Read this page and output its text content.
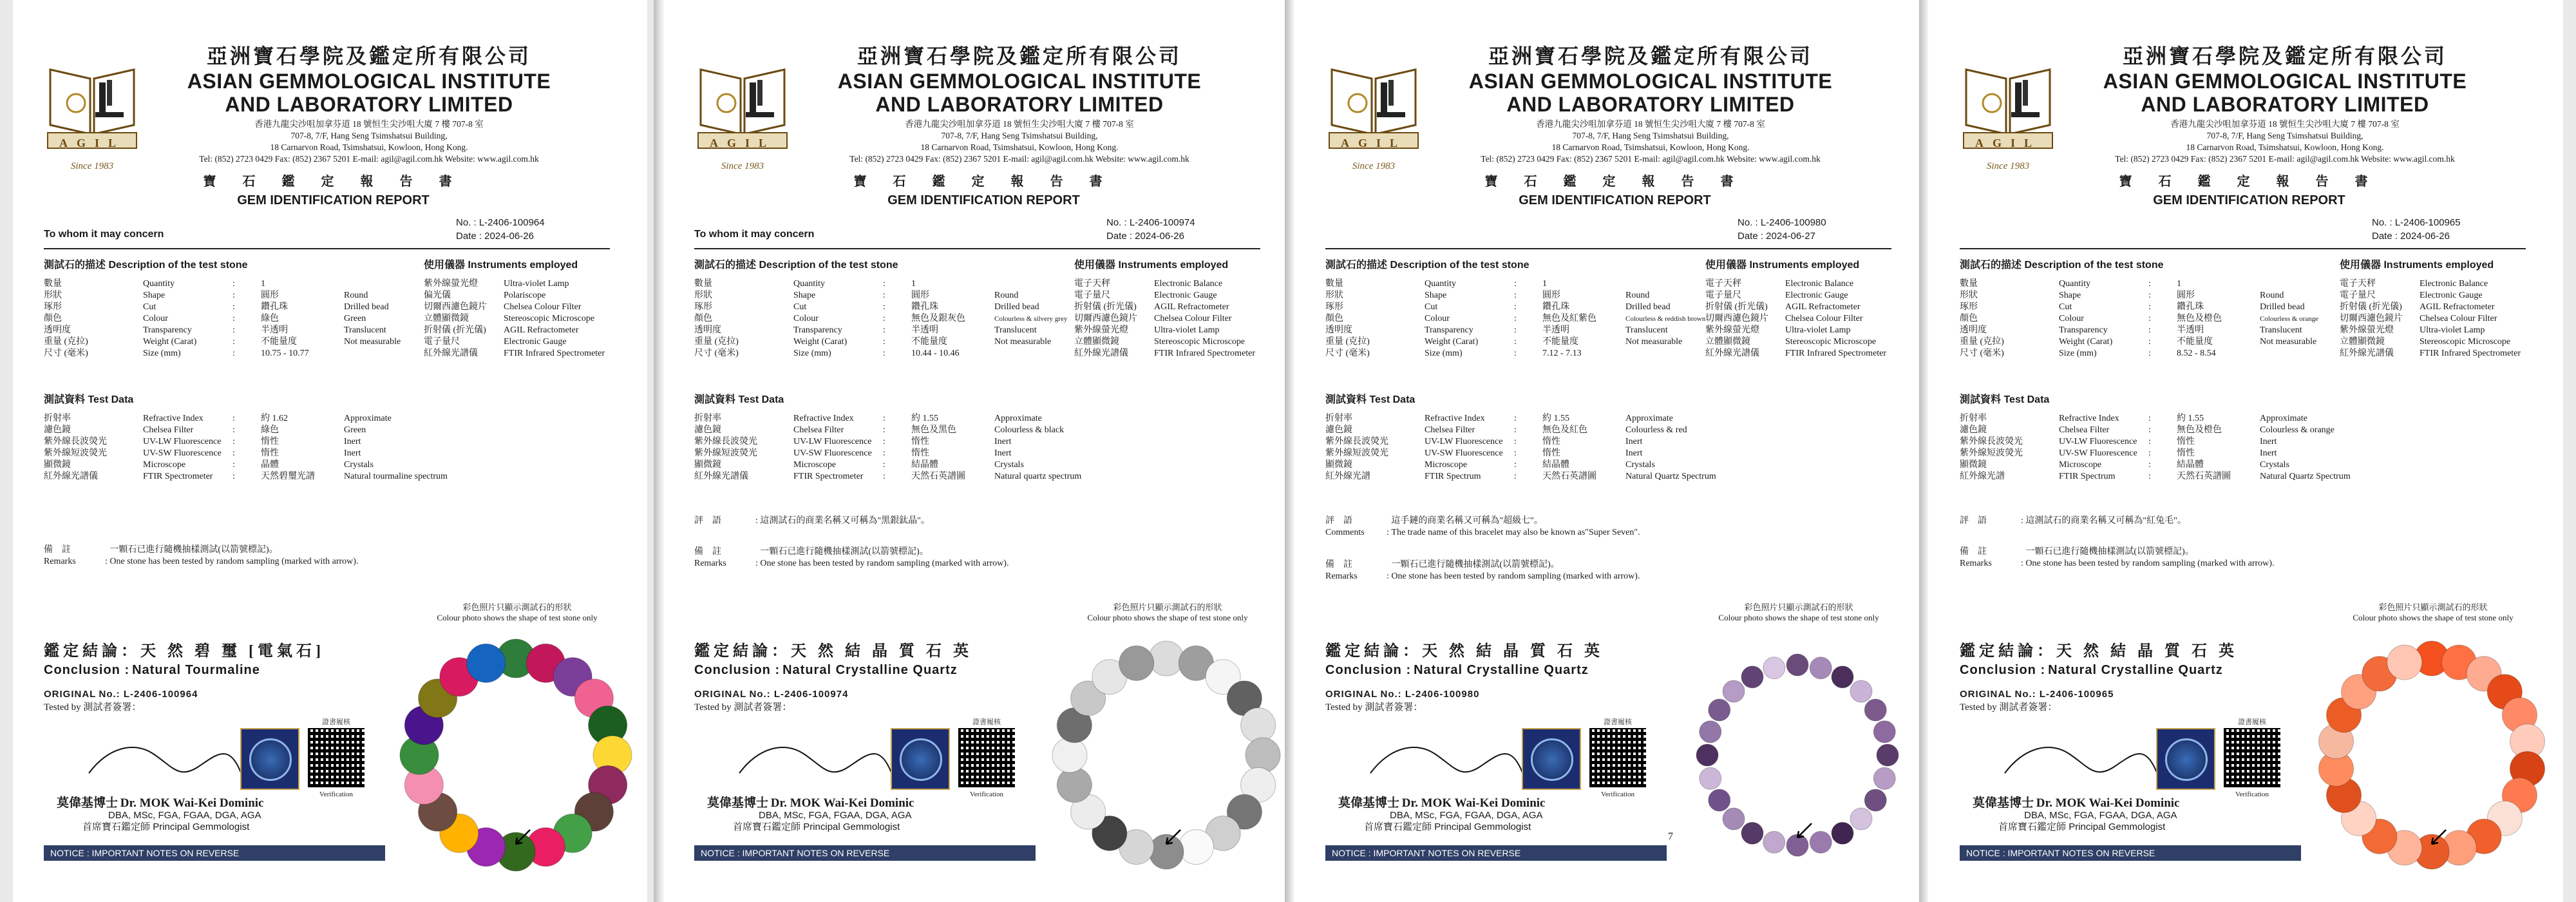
AGIL
Since 1983
亞洲寶石學院及鑑定所有限公司
ASIAN GEMMOLOGICAL INSTITUTE
AND LABORATORY LIMITED
香港九龍尖沙咀加拿芬道 18 號恒生尖沙咀大廈 7 樓 707-8 室
707-8, 7/F, Hang Seng Tsimshatsui Building,
18 Carnarvon Road, Tsimshatsui, Kowloon, Hong Kong.
Tel: (852) 2723 0429 Fax: (852) 2367 5201 E-mail: agil@agil.com.hk Website: www.agil.com.hk
寶 石 鑑 定 報 告 書
GEM IDENTIFICATION REPORT
No. : L-2406-100964
Date : 2024-06-26
To whom it may concern
測試石的描述 Description of the test stone	使用儀器 Instruments employed
數量	Quantity	:	1	
形狀	Shape	:	圓形	Round
琢形	Cut	:	鑽孔珠	Drilled bead
顏色	Colour	:	綠色	Green
透明度	Transparency	:	半透明	Translucent
重量 (克拉)	Weight (Carat)	:	不能量度	Not measurable
尺寸 (毫米)	Size (mm)	:	10.75 - 10.77	
紫外線螢光燈	Ultra-violet Lamp
偏光儀	Polariscope
切爾西濾色鏡片	Chelsea Colour Filter
立體顯微鏡	Stereoscopic Microscope
折射儀 (折光儀)	AGIL Refractometer
電子量尺	Electronic Gauge
紅外線光譜儀	FTIR Infrared Spectrometer
測試資料 Test Data
折射率	Refractive Index	:	約 1.62	Approximate
濾色鏡	Chelsea Filter	:	綠色	Green
紫外線長波熒光	UV-LW Fluorescence	:	惰性	Inert
紫外線短波熒光	UV-SW Fluorescence	:	惰性	Inert
顯微鏡	Microscope	:	晶體	Crystals
紅外線光譜儀	FTIR Spectrometer	:	天然碧璽光譜	Natural tourmaline spectrum
備　註
Remarks	: 一顆石已進行隨機抽樣測試(以箭號標記)。
One stone has been tested by random sampling (marked with arrow).
彩色照片只顯示測試石的形狀
Colour photo shows the shape of test stone only
鑑定結論：天 然 碧 璽 [電氣石]
Conclusion : Natural Tourmaline
ORIGINAL No.: L-2406-100964
Tested by 測試者簽署：
證書履核
Verification
莫偉基博士 Dr. MOK Wai-Kei Dominic
DBA, MSc, FGA, FGAA, DGA, AGA
首席寶石鑑定師 Principal Gemmologist
NOTICE : IMPORTANT NOTES ON REVERSE
AGIL
Since 1983
亞洲寶石學院及鑑定所有限公司
ASIAN GEMMOLOGICAL INSTITUTE
AND LABORATORY LIMITED
香港九龍尖沙咀加拿芬道 18 號恒生尖沙咀大廈 7 樓 707-8 室
707-8, 7/F, Hang Seng Tsimshatsui Building,
18 Carnarvon Road, Tsimshatsui, Kowloon, Hong Kong.
Tel: (852) 2723 0429 Fax: (852) 2367 5201 E-mail: agil@agil.com.hk Website: www.agil.com.hk
寶 石 鑑 定 報 告 書
GEM IDENTIFICATION REPORT
No. : L-2406-100974
Date : 2024-06-26
To whom it may concern
測試石的描述 Description of the test stone	使用儀器 Instruments employed
數量	Quantity	:	1	
形狀	Shape	:	圓形	Round
琢形	Cut	:	鑽孔珠	Drilled bead
顏色	Colour	:	無色及銀灰色	Colourless & silvery grey
透明度	Transparency	:	半透明	Translucent
重量 (克拉)	Weight (Carat)	:	不能量度	Not measurable
尺寸 (毫米)	Size (mm)	:	10.44 - 10.46	
電子天秤	Electronic Balance
電子量尺	Electronic Gauge
折射儀 (折光儀)	AGIL Refractometer
切爾西濾色鏡片	Chelsea Colour Filter
紫外線螢光燈	Ultra-violet Lamp
立體顯微鏡	Stereoscopic Microscope
紅外線光譜儀	FTIR Infrared Spectrometer
測試資料 Test Data
折射率	Refractive Index	:	約 1.55	Approximate
濾色鏡	Chelsea Filter	:	無色及黑色	Colourless & black
紫外線長波熒光	UV-LW Fluorescence	:	惰性	Inert
紫外線短波熒光	UV-SW Fluorescence	:	惰性	Inert
顯微鏡	Microscope	:	結晶體	Crystals
紅外線光譜儀	FTIR Spectrometer	:	天然石英譜圖	Natural quartz spectrum
評　語	: 這測試石的商業名稱又可稱為"黑銀鈦晶"。
備　註
Remarks	: 一顆石已進行隨機抽樣測試(以箭號標記)。
One stone has been tested by random sampling (marked with arrow).
彩色照片只顯示測試石的形狀
Colour photo shows the shape of test stone only
鑑定結論：天 然 結 晶 質 石 英
Conclusion : Natural Crystalline Quartz
ORIGINAL No.: L-2406-100974
Tested by 測試者簽署：
證書履核
Verification
莫偉基博士 Dr. MOK Wai-Kei Dominic
DBA, MSc, FGA, FGAA, DGA, AGA
首席寶石鑑定師 Principal Gemmologist
NOTICE : IMPORTANT NOTES ON REVERSE
AGIL
Since 1983
亞洲寶石學院及鑑定所有限公司
ASIAN GEMMOLOGICAL INSTITUTE
AND LABORATORY LIMITED
香港九龍尖沙咀加拿芬道 18 號恒生尖沙咀大廈 7 樓 707-8 室
707-8, 7/F, Hang Seng Tsimshatsui Building,
18 Carnarvon Road, Tsimshatsui, Kowloon, Hong Kong.
Tel: (852) 2723 0429 Fax: (852) 2367 5201 E-mail: agil@agil.com.hk Website: www.agil.com.hk
寶 石 鑑 定 報 告 書
GEM IDENTIFICATION REPORT
No. : L-2406-100980
Date : 2024-06-27
測試石的描述 Description of the test stone	使用儀器 Instruments employed
數量	Quantity	:	1	
形狀	Shape	:	圓形	Round
琢形	Cut	:	鑽孔珠	Drilled bead
顏色	Colour	:	無色及紅紫色	Colourless & reddish brown
透明度	Transparency	:	半透明	Translucent
重量 (克拉)	Weight (Carat)	:	不能量度	Not measurable
尺寸 (毫米)	Size (mm)	:	7.12 - 7.13	
電子天秤	Electronic Balance
電子量尺	Electronic Gauge
折射儀 (折光儀)	AGIL Refractometer
切爾西濾色鏡片	Chelsea Colour Filter
紫外線螢光燈	Ultra-violet Lamp
立體顯微鏡	Stereoscopic Microscope
紅外線光譜儀	FTIR Infrared Spectrometer
測試資料 Test Data
折射率	Refractive Index	:	約 1.55	Approximate
濾色鏡	Chelsea Filter	:	無色及紅色	Colourless & red
紫外線長波熒光	UV-LW Fluorescence	:	惰性	Inert
紫外線短波熒光	UV-SW Fluorescence	:	惰性	Inert
顯微鏡	Microscope	:	結晶體	Crystals
紅外線光譜	FTIR Spectrum	:	天然石英譜圖	Natural Quartz Spectrum
評　語
Comments : 這手鏈的商業名稱又可稱為"超級七"。
The trade name of this bracelet may also be known as"Super Seven".
備　註
Remarks	: 一顆石已進行隨機抽樣測試(以箭號標記)。
One stone has been tested by random sampling (marked with arrow).
彩色照片只顯示測試石的形狀
Colour photo shows the shape of test stone only
鑑定結論：天 然 結 晶 質 石 英
Conclusion : Natural Crystalline Quartz
ORIGINAL No.: L-2406-100980
Tested by 測試者簽署：
證書履核
Verification
莫偉基博士 Dr. MOK Wai-Kei Dominic
DBA, MSc, FGA, FGAA, DGA, AGA
首席寶石鑑定師 Principal Gemmologist
NOTICE : IMPORTANT NOTES ON REVERSE
7
AGIL
Since 1983
亞洲寶石學院及鑑定所有限公司
ASIAN GEMMOLOGICAL INSTITUTE
AND LABORATORY LIMITED
香港九龍尖沙咀加拿芬道 18 號恒生尖沙咀大廈 7 樓 707-8 室
707-8, 7/F, Hang Seng Tsimshatsui Building,
18 Carnarvon Road, Tsimshatsui, Kowloon, Hong Kong.
Tel: (852) 2723 0429 Fax: (852) 2367 5201 E-mail: agil@agil.com.hk Website: www.agil.com.hk
寶 石 鑑 定 報 告 書
GEM IDENTIFICATION REPORT
No. : L-2406-100965
Date : 2024-06-26
測試石的描述 Description of the test stone	使用儀器 Instruments employed
數量	Quantity	:	1	
形狀	Shape	:	圓形	Round
琢形	Cut	:	鑽孔珠	Drilled bead
顏色	Colour	:	無色及橙色	Colourless & orange
透明度	Transparency	:	半透明	Translucent
重量 (克拉)	Weight (Carat)	:	不能量度	Not measurable
尺寸 (毫米)	Size (mm)	:	8.52 - 8.54	
電子天秤	Electronic Balance
電子量尺	Electronic Gauge
折射儀 (折光儀)	AGIL Refractometer
切爾西濾色鏡片	Chelsea Colour Filter
紫外線螢光燈	Ultra-violet Lamp
立體顯微鏡	Stereoscopic Microscope
紅外線光譜儀	FTIR Infrared Spectrometer
測試資料 Test Data
折射率	Refractive Index	:	約 1.55	Approximate
濾色鏡	Chelsea Filter	:	無色及橙色	Colourless & orange
紫外線長波熒光	UV-LW Fluorescence	:	惰性	Inert
紫外線短波熒光	UV-SW Fluorescence	:	惰性	Inert
顯微鏡	Microscope	:	結晶體	Crystals
紅外線光譜	FTIR Spectrum	:	天然石英譜圖	Natural Quartz Spectrum
評　語	: 這測試石的商業名稱又可稱為"紅兔毛"。
備　註
Remarks	: 一顆石已進行隨機抽樣測試(以箭號標記)。
One stone has been tested by random sampling (marked with arrow).
彩色照片只顯示測試石的形狀
Colour photo shows the shape of test stone only
鑑定結論：天 然 結 晶 質 石 英
Conclusion : Natural Crystalline Quartz
ORIGINAL No.: L-2406-100965
Tested by 測試者簽署：
證書履核
Verification
莫偉基博士 Dr. MOK Wai-Kei Dominic
DBA, MSc, FGA, FGAA, DGA, AGA
首席寶石鑑定師 Principal Gemmologist
NOTICE : IMPORTANT NOTES ON REVERSE
